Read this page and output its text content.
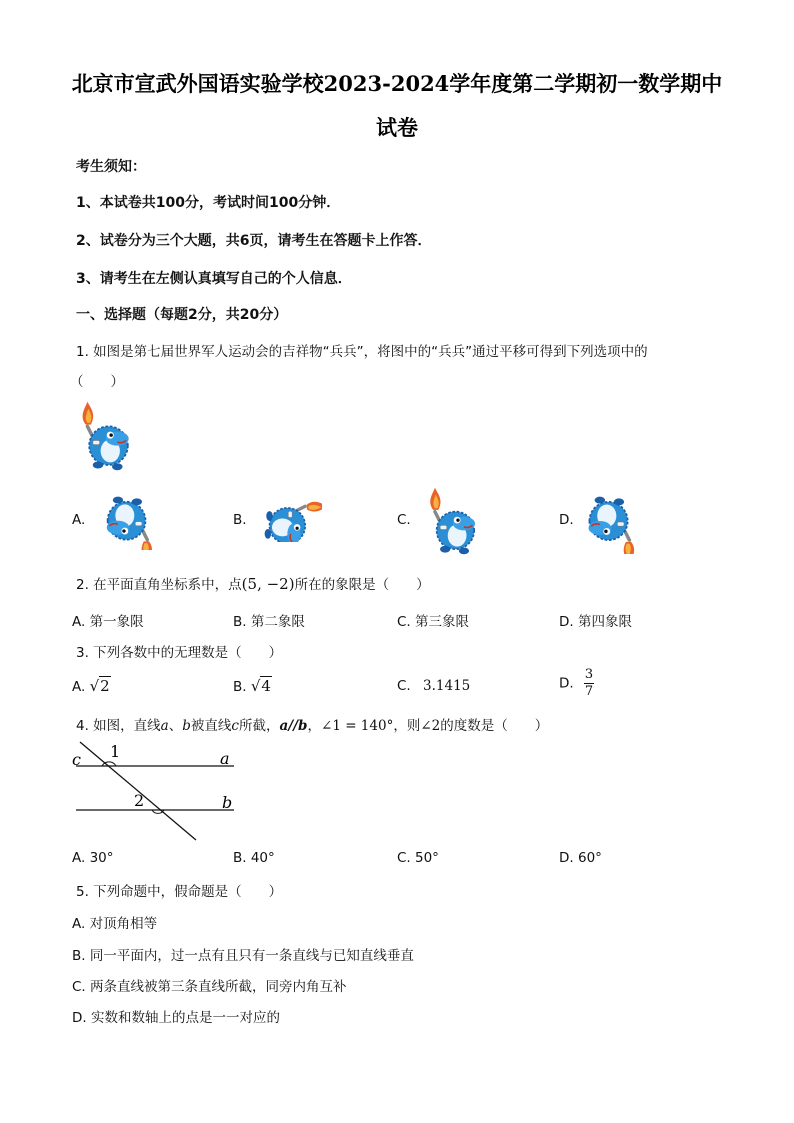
北京市宣武外国语实验学校2023-2024学年度第二学期初一数学期中
试卷
考生须知：
1、本试卷共100分，考试时间100分钟．
2、试卷分为三个大题，共6页，请考生在答题卡上作答．
3、请考生在左侧认真填写自己的个人信息．
一、选择题（每题2分，共20分）
1. 如图是第七届世界军人运动会的吉祥物“兵兵”，将图中的“兵兵”通过平移可得到下列选项中的
（　　）
A.	B.	C.	D.
2. 在平面直角坐标系中，点(5, −2)所在的象限是（　　）
A. 第一象限	B. 第二象限	C. 第三象限	D. 第四象限
3. 下列各数中的无理数是（　　）
A. √2	B. √4	C. 3.1415	D. $\frac{3}{7}$
4. 如图，直线a、b被直线c所截，a//b，∠1 = 140°，则∠2的度数是（　　）
c	a
b
1
2
A. 30°	B. 40°	C. 50°	D. 60°
5. 下列命题中，假命题是（　　）
A. 对顶角相等
B. 同一平面内，过一点有且只有一条直线与已知直线垂直
C. 两条直线被第三条直线所截，同旁内角互补
D. 实数和数轴上的点是一一对应的
